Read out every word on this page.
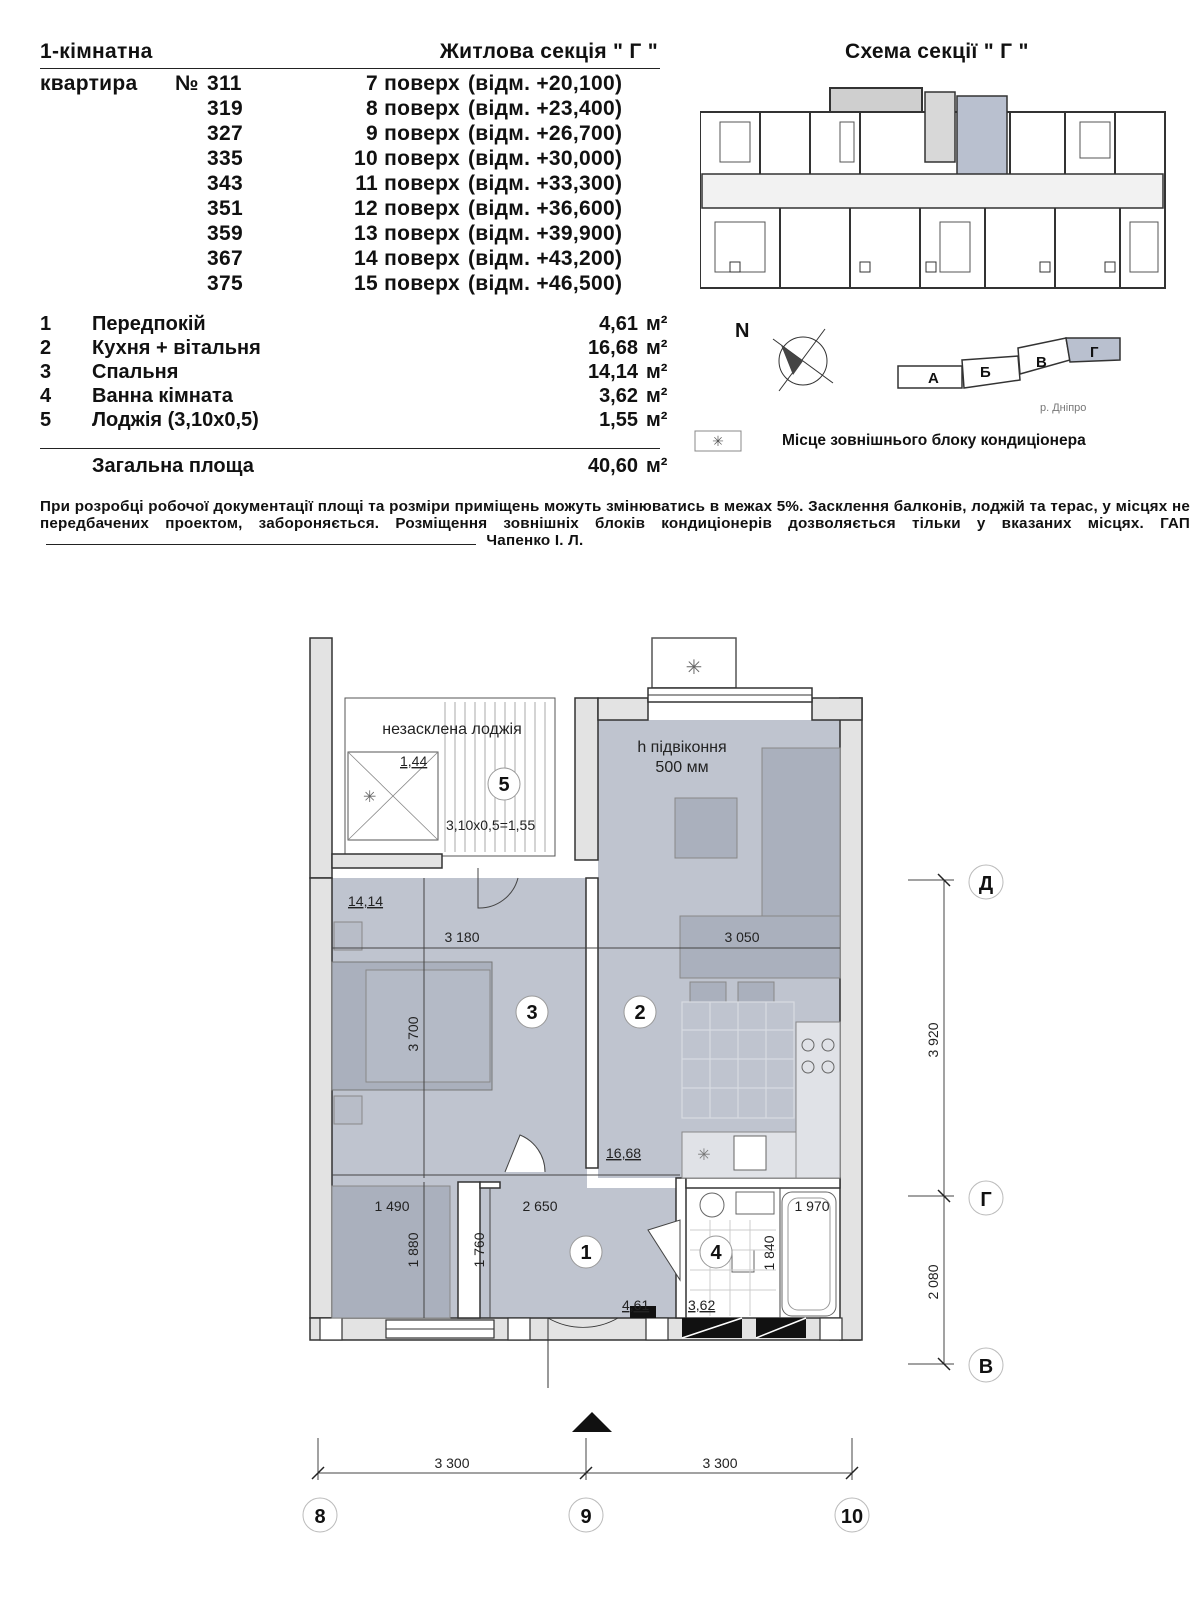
1-кімнатна	Житлова секція " Г "	Схема секції " Г "
квартира № 311	7 поверх (відм. +20,100)
319	8 поверх (відм. +23,400)
327	9 поверх (відм. +26,700)
335	10 поверх (відм. +30,000)
343	11 поверх (відм. +33,300)
351	12 поверх (відм. +36,600)
359	13 поверх (відм. +39,900)
367	14 поверх (відм. +43,200)
375	15 поверх (відм. +46,500)
1 Передпокій	4,61 м²
2 Кухня + вітальня	16,68 м²
3 Спальня	14,14 м²
4 Ванна кімната	3,62 м²
5 Лоджія (3,10х0,5)	1,55 м²
Загальна площа	40,60 м²
При розробці робочої документації площі та розміри приміщень можуть змінюватись в межах 5%. Засклення балконів, лоджій та терас, у місцях не передбачених проектом, забороняється. Розміщення зовнішніх блоків кондиціонерів дозволяється тільки у вказаних місцях. ГАП  Чапенко І. Л.
N
А	Б
В
Г
р. Дніпро
✳	Місце зовнішнього блоку кондиціонера
✳
✳
✳
Д
Г
В
8	9	10
1
2
3
4
5
незасклена лоджія
1,44
3,10х0,5=1,55
h підвіконня
500 мм
14,14
16,68
4,61	3,62
3 180	3 050
3 700
1 490	2 650	1 970
1 880	1 760	1 840
3 920
2 080
3 300	3 300
